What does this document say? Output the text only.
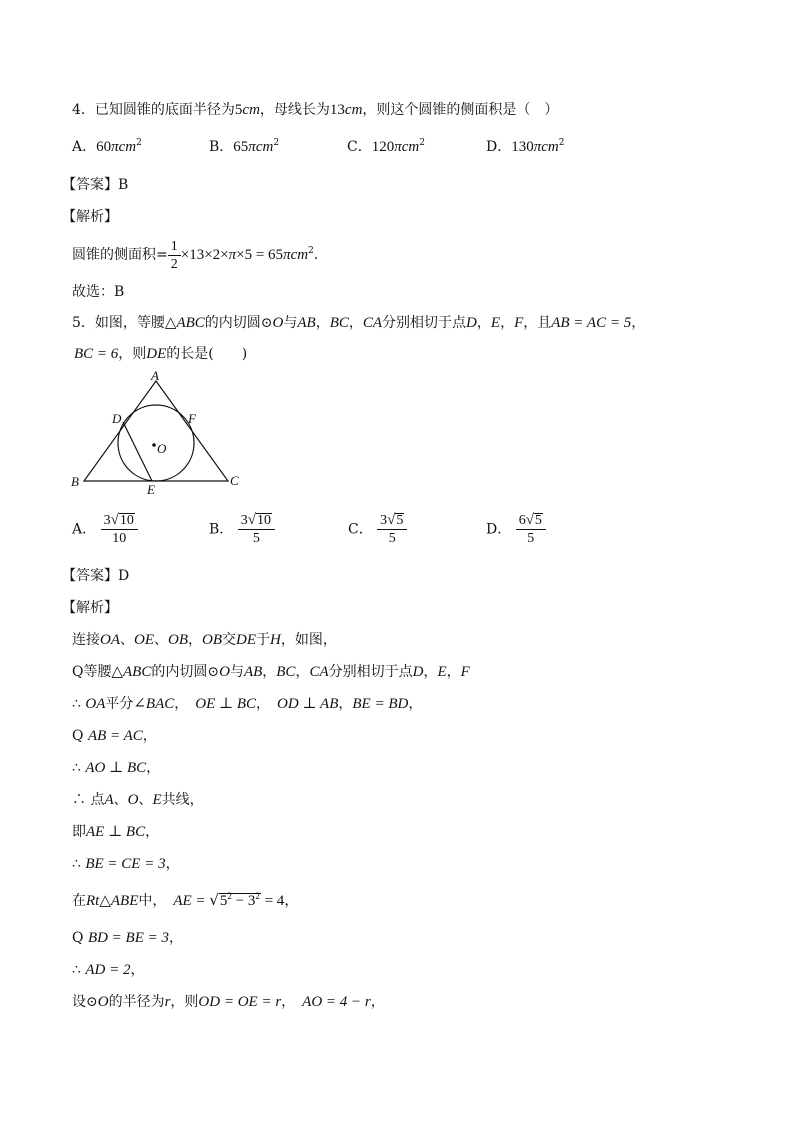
4．已知圆锥的底面半径为5cm，母线长为13cm，则这个圆锥的侧面积是（　）
A．60πcm$^2$	B．65πcm$^2$	C．120πcm$^2$	D．130πcm$^2$
【答案】B
【解析】
圆锥的侧面积= $\frac{1}{2} \times 13\times 2\times\pi\times 5 = 65\pi cm^2$.
故选：B
5．如图，等腰△ABC的内切圆⊙O与AB，BC，CA分别相切于点D，E，F，且AB = AC = 5，
BC = 6，则DE的长是(　　)
A
B	C
D
E
F
O
A． $\frac{3√10}{10}$	B． $\frac{3√10}{5}$	C． $\frac{3√5}{5}$	D． $\frac{6√5}{5}$
【答案】D
【解析】
连接OA、OE、OB，OB交DE于H，如图，
Q等腰△ABC的内切圆⊙O与AB，BC，CA分别相切于点D，E，F
∴ OA平分∠BAC，　OE ⊥ BC，　OD ⊥ AB，BE = BD，
Q AB = AC，
∴ AO ⊥ BC，
∴ 点A、O、E共线，
即AE ⊥ BC，
∴ BE = CE = 3，
在Rt△ABE中，　AE = $√5^2 - 3^2 = 4$，
Q BD = BE = 3，
∴ AD = 2，
设⊙O的半径为r，则OD = OE = r，　AO = 4 − r，
